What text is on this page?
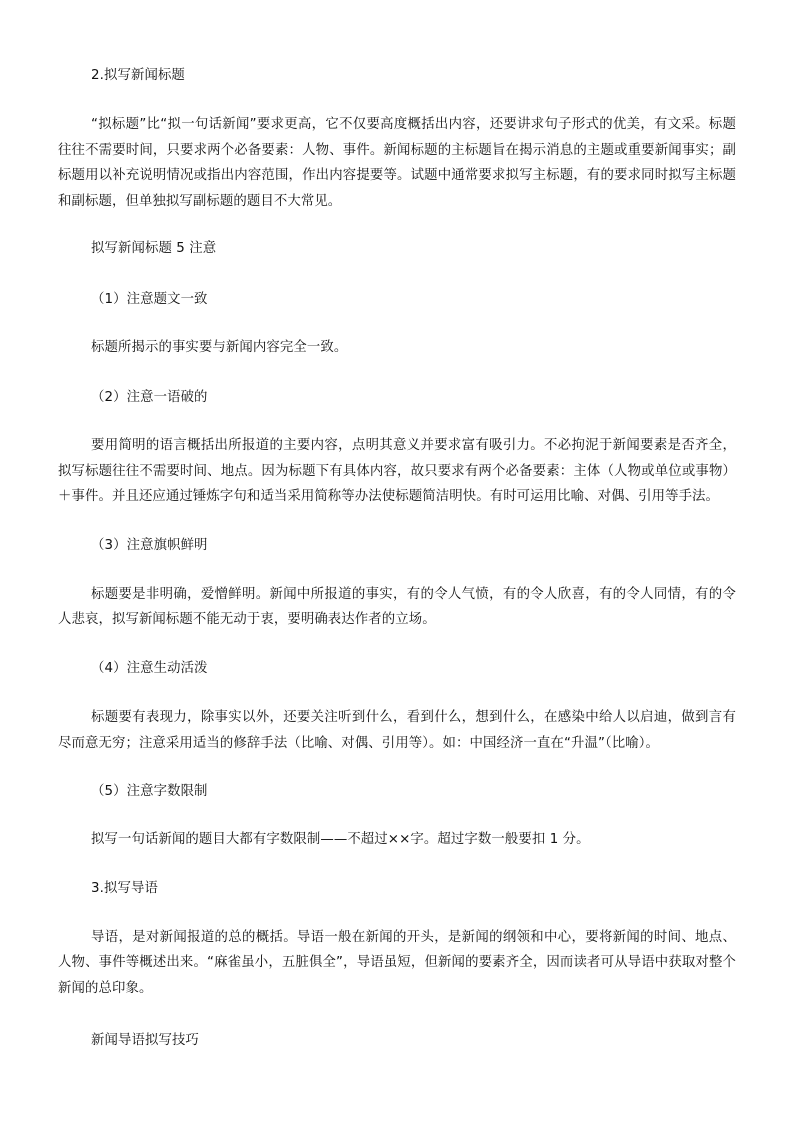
2.拟写新闻标题

“拟标题”比“拟一句话新闻”要求更高，它不仅要高度概括出内容，还要讲求句子形式的优美，有文采。标题往往不需要时间，只要求两个必备要素：人物、事件。新闻标题的主标题旨在揭示消息的主题或重要新闻事实；副标题用以补充说明情况或指出内容范围，作出内容提要等。试题中通常要求拟写主标题，有的要求同时拟写主标题和副标题，但单独拟写副标题的题目不大常见。

拟写新闻标题 5 注意

（1）注意题文一致

标题所揭示的事实要与新闻内容完全一致。

（2）注意一语破的

要用简明的语言概括出所报道的主要内容，点明其意义并要求富有吸引力。不必拘泥于新闻要素是否齐全，拟写标题往往不需要时间、地点。因为标题下有具体内容，故只要求有两个必备要素：主体（人物或单位或事物）＋事件。并且还应通过锤炼字句和适当采用简称等办法使标题简洁明快。有时可运用比喻、对偶、引用等手法。

（3）注意旗帜鲜明

标题要是非明确，爱憎鲜明。新闻中所报道的事实，有的令人气愤，有的令人欣喜，有的令人同情，有的令人悲哀，拟写新闻标题不能无动于衷，要明确表达作者的立场。

（4）注意生动活泼

标题要有表现力，除事实以外，还要关注听到什么，看到什么，想到什么，在感染中给人以启迪，做到言有尽而意无穷；注意采用适当的修辞手法（比喻、对偶、引用等）。如：中国经济一直在“升温”（比喻）。

（5）注意字数限制

拟写一句话新闻的题目大都有字数限制——不超过××字。超过字数一般要扣 1 分。

3.拟写导语

导语，是对新闻报道的总的概括。导语一般在新闻的开头，是新闻的纲领和中心，要将新闻的时间、地点、人物、事件等概述出来。“麻雀虽小，五脏俱全”，导语虽短，但新闻的要素齐全，因而读者可从导语中获取对整个新闻的总印象。

新闻导语拟写技巧
